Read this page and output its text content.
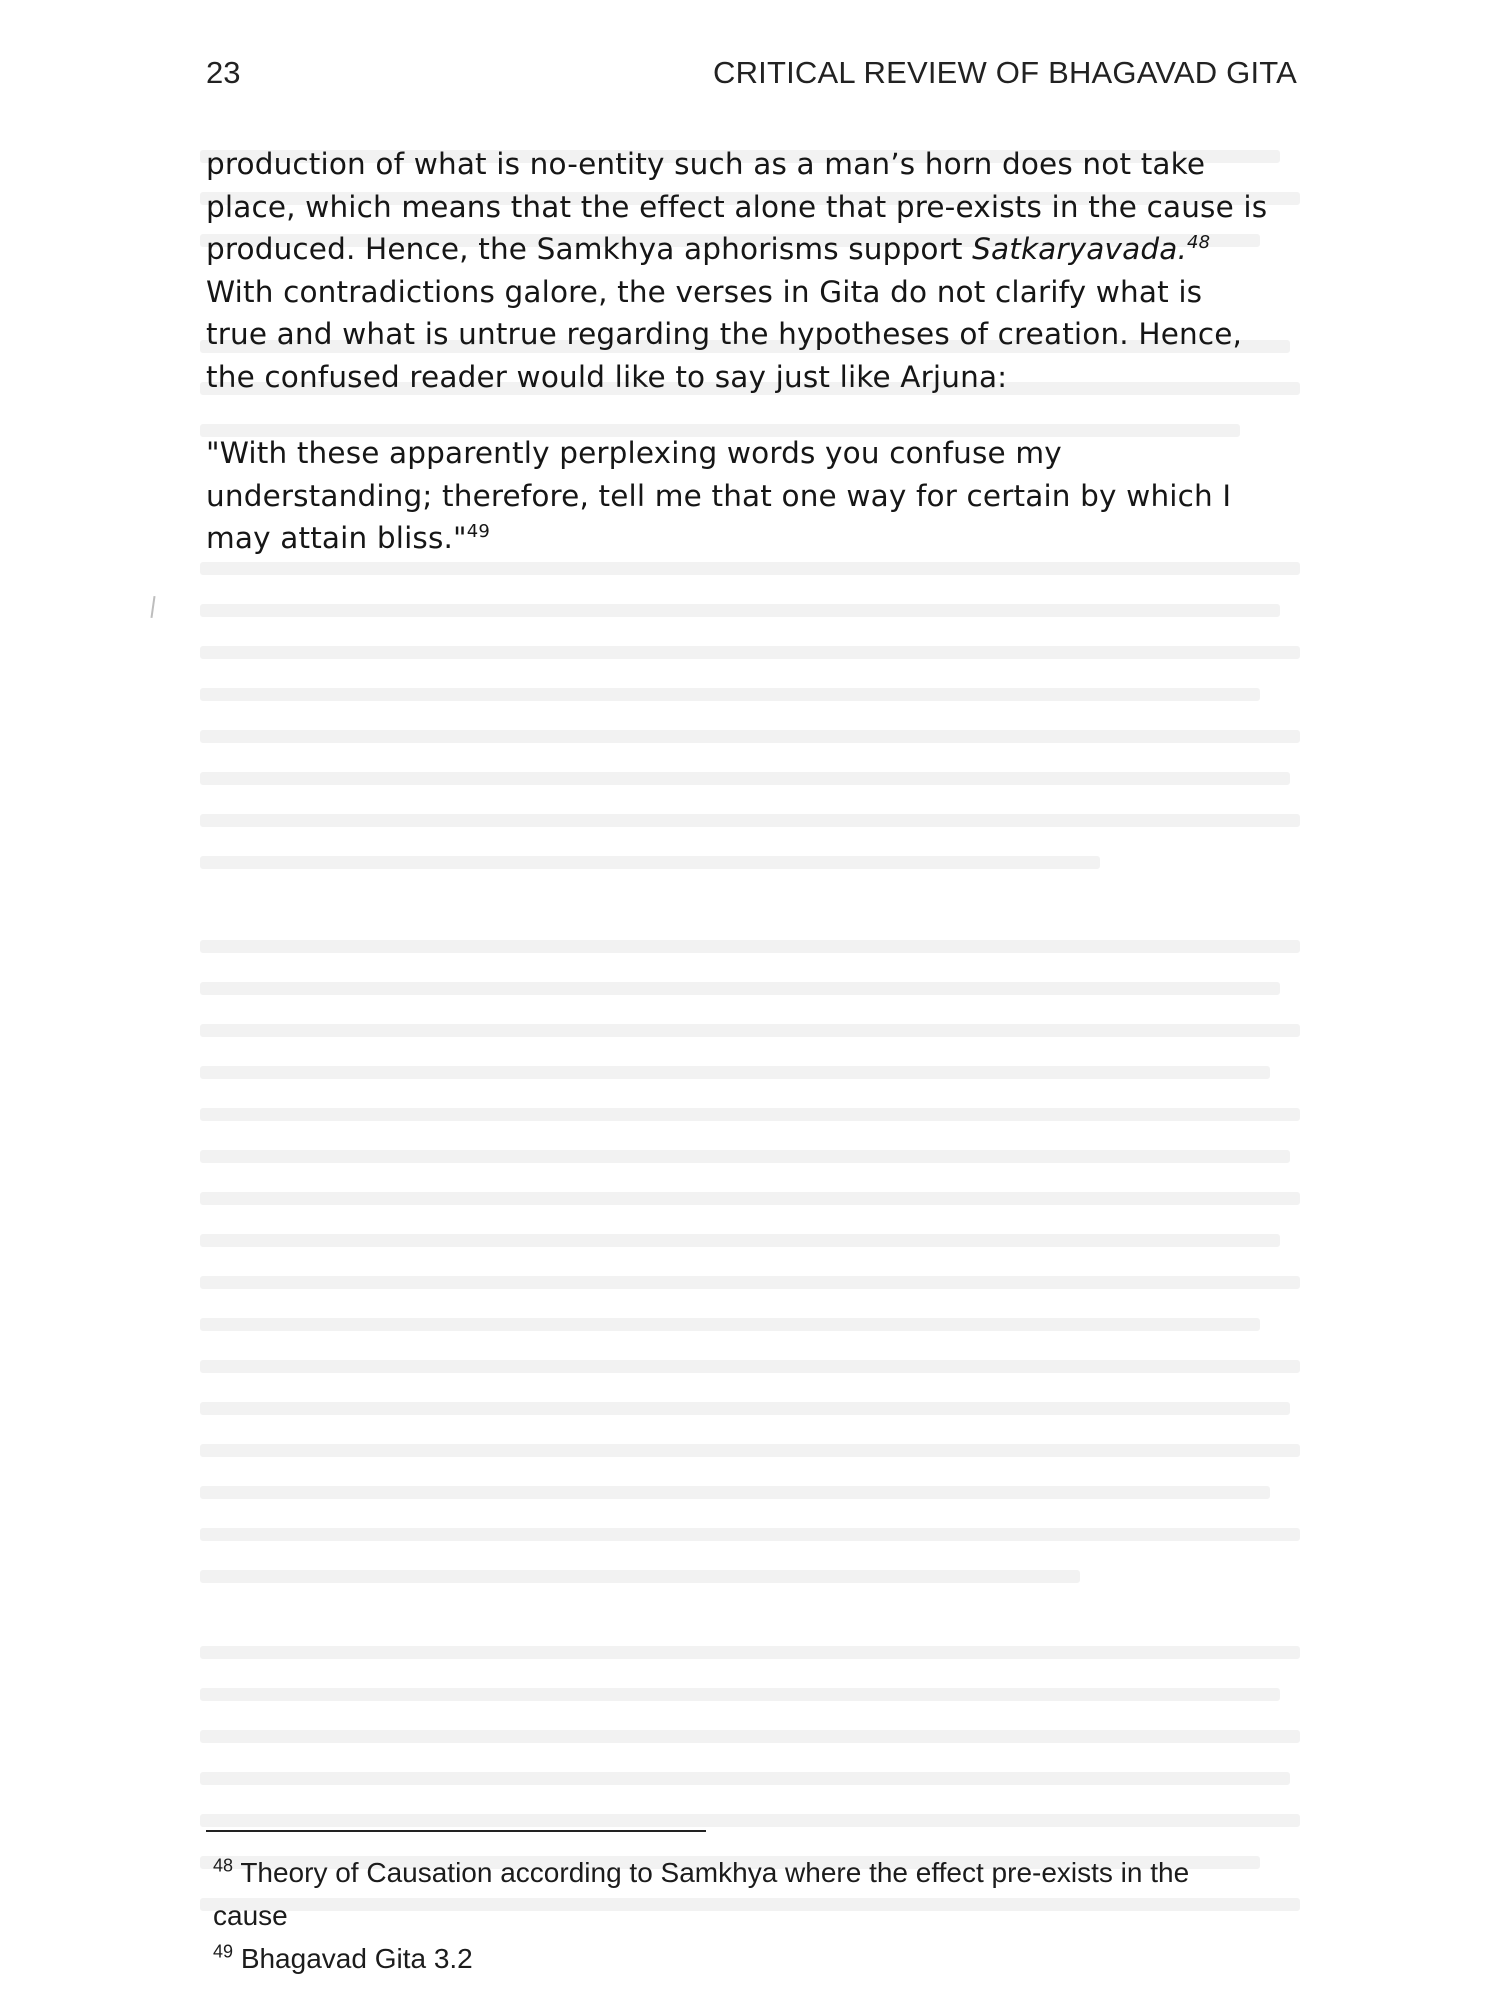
23	CRITICAL REVIEW OF BHAGAVAD GITA
production of what is no-entity such as a man’s horn does not take
place, which means that the effect alone that pre-exists in the cause is
produced. Hence, the Samkhya aphorisms support Satkaryavada.$^{48}$
With contradictions galore, the verses in Gita do not clarify what is
true and what is untrue regarding the hypotheses of creation. Hence,
the confused reader would like to say just like Arjuna:
"With these apparently perplexing words you confuse my
understanding; therefore, tell me that one way for certain by which I
may attain bliss."$^{49}$
$^{48}$ Theory of Causation according to Samkhya where the effect pre-exists in the
cause
$^{49}$ Bhagavad Gita 3.2
